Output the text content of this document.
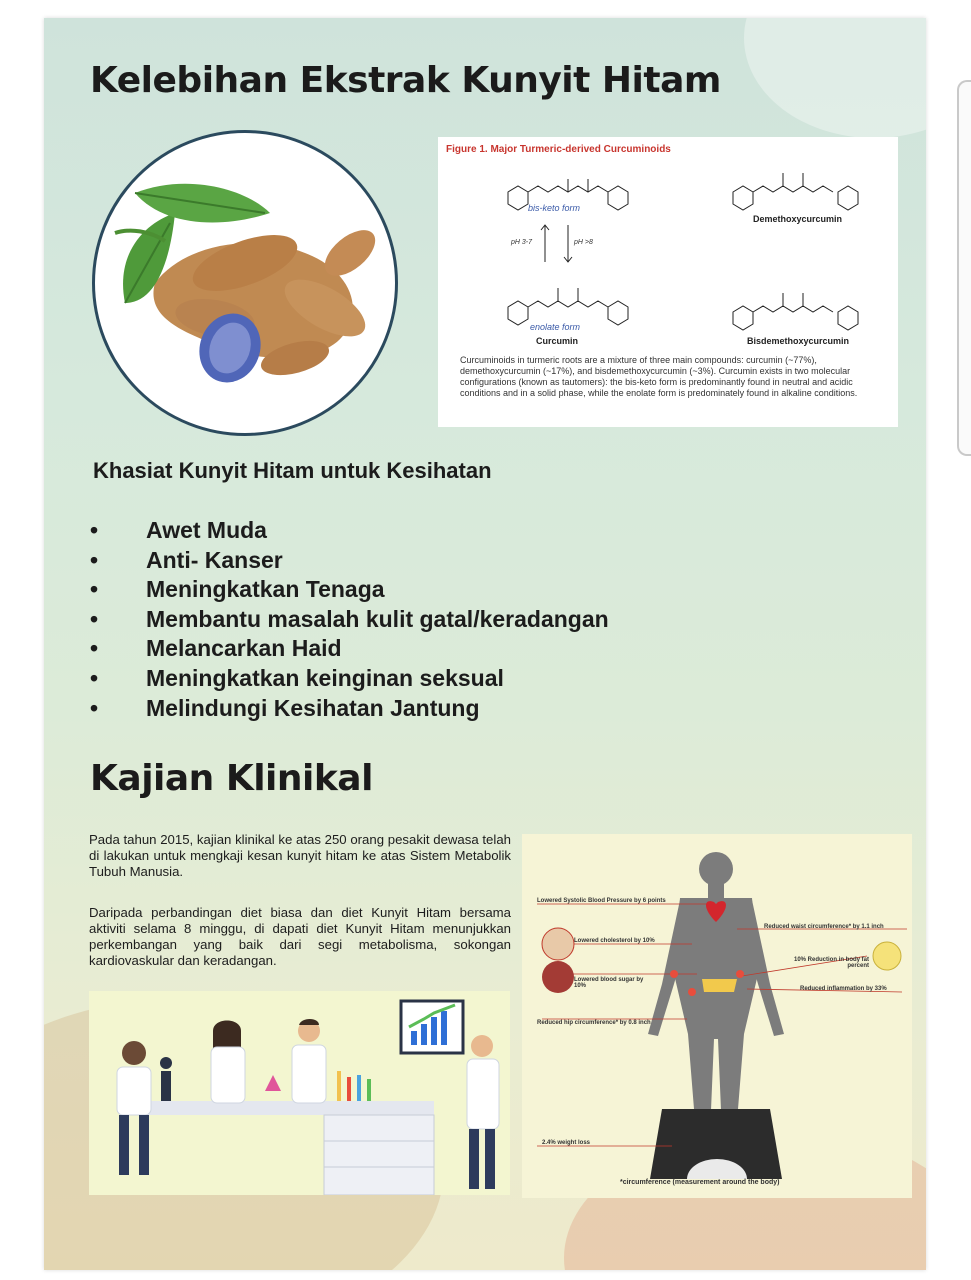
Kelebihan Ekstrak Kunyit Hitam
Figure 1. Major Turmeric-derived Curcuminoids
bis-keto form
pH 3-7	pH >8
enolate form
Curcumin
Demethoxycurcumin
Bisdemethoxycurcumin
Curcuminoids in turmeric roots are a mixture of three main compounds: curcumin (~77%), demethoxycurcumin (~17%), and bisdemethoxycurcumin (~3%). Curcumin exists in two molecular configurations (known as tautomers): the bis-keto form is predominantly found in neutral and acidic conditions and in a solid phase, while the enolate form is predominately found in alkaline conditions.
Khasiat Kunyit Hitam untuk Kesihatan
• Awet Muda
• Anti- Kanser
• Meningkatkan Tenaga
• Membantu masalah kulit gatal/keradangan
• Melancarkan Haid
• Meningkatkan keinginan seksual
• Melindungi Kesihatan Jantung
Kajian Klinikal

Pada tahun 2015, kajian klinikal ke atas 250 orang pesakit dewasa telah di lakukan untuk mengkaji kesan kunyit hitam ke atas Sistem Metabolik Tubuh Manusia.

Daripada perbandingan diet biasa dan diet Kunyit Hitam bersama aktiviti selama 8 minggu, di dapati diet Kunyit Hitam menunjukkan perkembangan yang baik dari segi metabolisma, sokongan kardiovaskular dan keradangan.

Lowered Systolic Blood Pressure by 6 points
Lowered cholesterol by 10%
Lowered blood sugar by 10%
Reduced hip circumference* by 0.8 inch
Reduced waist circumference* by 1.1 inch
10% Reduction in body fat percent
Reduced inflammation by 33%
2.4% weight loss
*circumference (measurement around the body)
